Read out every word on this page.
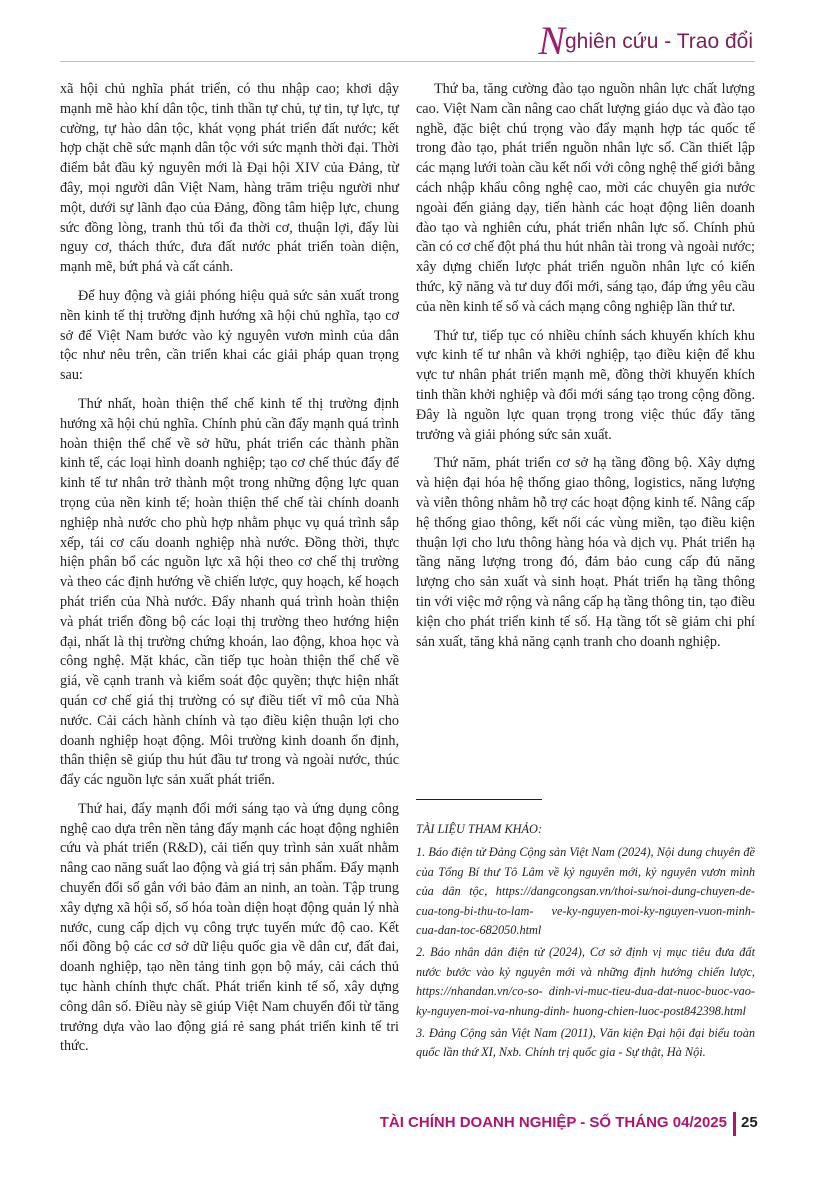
Nghiên cứu - Trao đổi

xã hội chủ nghĩa phát triển, có thu nhập cao; khơi dậy mạnh mẽ hào khí dân tộc, tinh thần tự chủ, tự tin, tự lực, tự cường, tự hào dân tộc, khát vọng phát triển đất nước; kết hợp chặt chẽ sức mạnh dân tộc với sức mạnh thời đại. Thời điểm bắt đầu kỷ nguyên mới là Đại hội XIV của Đảng, từ đây, mọi người dân Việt Nam, hàng trăm triệu người như một, dưới sự lãnh đạo của Đảng, đồng tâm hiệp lực, chung sức đồng lòng, tranh thủ tối đa thời cơ, thuận lợi, đẩy lùi nguy cơ, thách thức, đưa đất nước phát triển toàn diện, mạnh mẽ, bứt phá và cất cánh.

Để huy động và giải phóng hiệu quả sức sản xuất trong nền kinh tế thị trường định hướng xã hội chủ nghĩa, tạo cơ sở để Việt Nam bước vào kỷ nguyên vươn mình của dân tộc như nêu trên, cần triển khai các giải pháp quan trọng sau:

Thứ nhất, hoàn thiện thể chế kinh tế thị trường định hướng xã hội chủ nghĩa. Chính phủ cần đẩy mạnh quá trình hoàn thiện thể chế về sở hữu, phát triển các thành phần kinh tế, các loại hình doanh nghiệp; tạo cơ chế thúc đẩy để kinh tế tư nhân trở thành một trong những động lực quan trọng của nền kinh tế; hoàn thiện thể chế tài chính doanh nghiệp nhà nước cho phù hợp nhằm phục vụ quá trình sắp xếp, tái cơ cấu doanh nghiệp nhà nước. Đồng thời, thực hiện phân bổ các nguồn lực xã hội theo cơ chế thị trường và theo các định hướng về chiến lược, quy hoạch, kế hoạch phát triển của Nhà nước. Đẩy nhanh quá trình hoàn thiện và phát triển đồng bộ các loại thị trường theo hướng hiện đại, nhất là thị trường chứng khoán, lao động, khoa học và công nghệ. Mặt khác, cần tiếp tục hoàn thiện thể chế về giá, về cạnh tranh và kiểm soát độc quyền; thực hiện nhất quán cơ chế giá thị trường có sự điều tiết vĩ mô của Nhà nước. Cải cách hành chính và tạo điều kiện thuận lợi cho doanh nghiệp hoạt động. Môi trường kinh doanh ổn định, thân thiện sẽ giúp thu hút đầu tư trong và ngoài nước, thúc đẩy các nguồn lực sản xuất phát triển.

Thứ hai, đẩy mạnh đổi mới sáng tạo và ứng dụng công nghệ cao dựa trên nền tảng đẩy mạnh các hoạt động nghiên cứu và phát triển (R&D), cải tiến quy trình sản xuất nhằm nâng cao năng suất lao động và giá trị sản phẩm. Đẩy mạnh chuyển đổi số gắn với bảo đảm an ninh, an toàn. Tập trung xây dựng xã hội số, số hóa toàn diện hoạt động quản lý nhà nước, cung cấp dịch vụ công trực tuyến mức độ cao. Kết nối đồng bộ các cơ sở dữ liệu quốc gia về dân cư, đất đai, doanh nghiệp, tạo nền tảng tinh gọn bộ máy, cải cách thủ tục hành chính thực chất. Phát triển kinh tế số, xây dựng công dân số. Điều này sẽ giúp Việt Nam chuyển đổi từ tăng trưởng dựa vào lao động giá rẻ sang phát triển kinh tế tri thức.

Thứ ba, tăng cường đào tạo nguồn nhân lực chất lượng cao. Việt Nam cần nâng cao chất lượng giáo dục và đào tạo nghề, đặc biệt chú trọng vào đẩy mạnh hợp tác quốc tế trong đào tạo, phát triển nguồn nhân lực số. Cần thiết lập các mạng lưới toàn cầu kết nối với công nghệ thế giới bằng cách nhập khẩu công nghệ cao, mời các chuyên gia nước ngoài đến giảng dạy, tiến hành các hoạt động liên doanh đào tạo và nghiên cứu, phát triển nhân lực số. Chính phủ cần có cơ chế đột phá thu hút nhân tài trong và ngoài nước; xây dựng chiến lược phát triển nguồn nhân lực có kiến thức, kỹ năng và tư duy đổi mới, sáng tạo, đáp ứng yêu cầu của nền kinh tế số và cách mạng công nghiệp lần thứ tư.

Thứ tư, tiếp tục có nhiều chính sách khuyến khích khu vực kinh tế tư nhân và khởi nghiệp, tạo điều kiện để khu vực tư nhân phát triển mạnh mẽ, đồng thời khuyến khích tinh thần khởi nghiệp và đổi mới sáng tạo trong cộng đồng. Đây là nguồn lực quan trọng trong việc thúc đẩy tăng trưởng và giải phóng sức sản xuất.

Thứ năm, phát triển cơ sở hạ tầng đồng bộ. Xây dựng và hiện đại hóa hệ thống giao thông, logistics, năng lượng và viễn thông nhằm hỗ trợ các hoạt động kinh tế. Nâng cấp hệ thống giao thông, kết nối các vùng miền, tạo điều kiện thuận lợi cho lưu thông hàng hóa và dịch vụ. Phát triển hạ tầng năng lượng trong đó, đảm bảo cung cấp đủ năng lượng cho sản xuất và sinh hoạt. Phát triển hạ tầng thông tin với việc mở rộng và nâng cấp hạ tầng thông tin, tạo điều kiện cho phát triển kinh tế số. Hạ tầng tốt sẽ giảm chi phí sản xuất, tăng khả năng cạnh tranh cho doanh nghiệp.

TÀI LIỆU THAM KHẢO:

1. Báo điện tử Đảng Cộng sản Việt Nam (2024), Nội dung chuyên đề của Tổng Bí thư Tô Lâm về kỷ nguyên mới, kỷ nguyên vươn mình của dân tộc, https://dangcongsan.vn/thoi-su/noi-dung-chuyen-de-cua-tong-bi-thu-to-lam- ve-ky-nguyen-moi-ky-nguyen-vuon-minh-cua-dan-toc-682050.html

2. Báo nhân dân điện tử (2024), Cơ sở định vị mục tiêu đưa đất nước bước vào kỷ nguyên mới và những định hướng chiến lược, https://nhandan.vn/co-so- dinh-vi-muc-tieu-dua-dat-nuoc-buoc-vao-ky-nguyen-moi-va-nhung-dinh- huong-chien-luoc-post842398.html

3. Đảng Cộng sản Việt Nam (2011), Văn kiện Đại hội đại biểu toàn quốc lần thứ XI, Nxb. Chính trị quốc gia - Sự thật, Hà Nội.

TÀI CHÍNH DOANH NGHIỆP - SỐ THÁNG 04/2025 25
